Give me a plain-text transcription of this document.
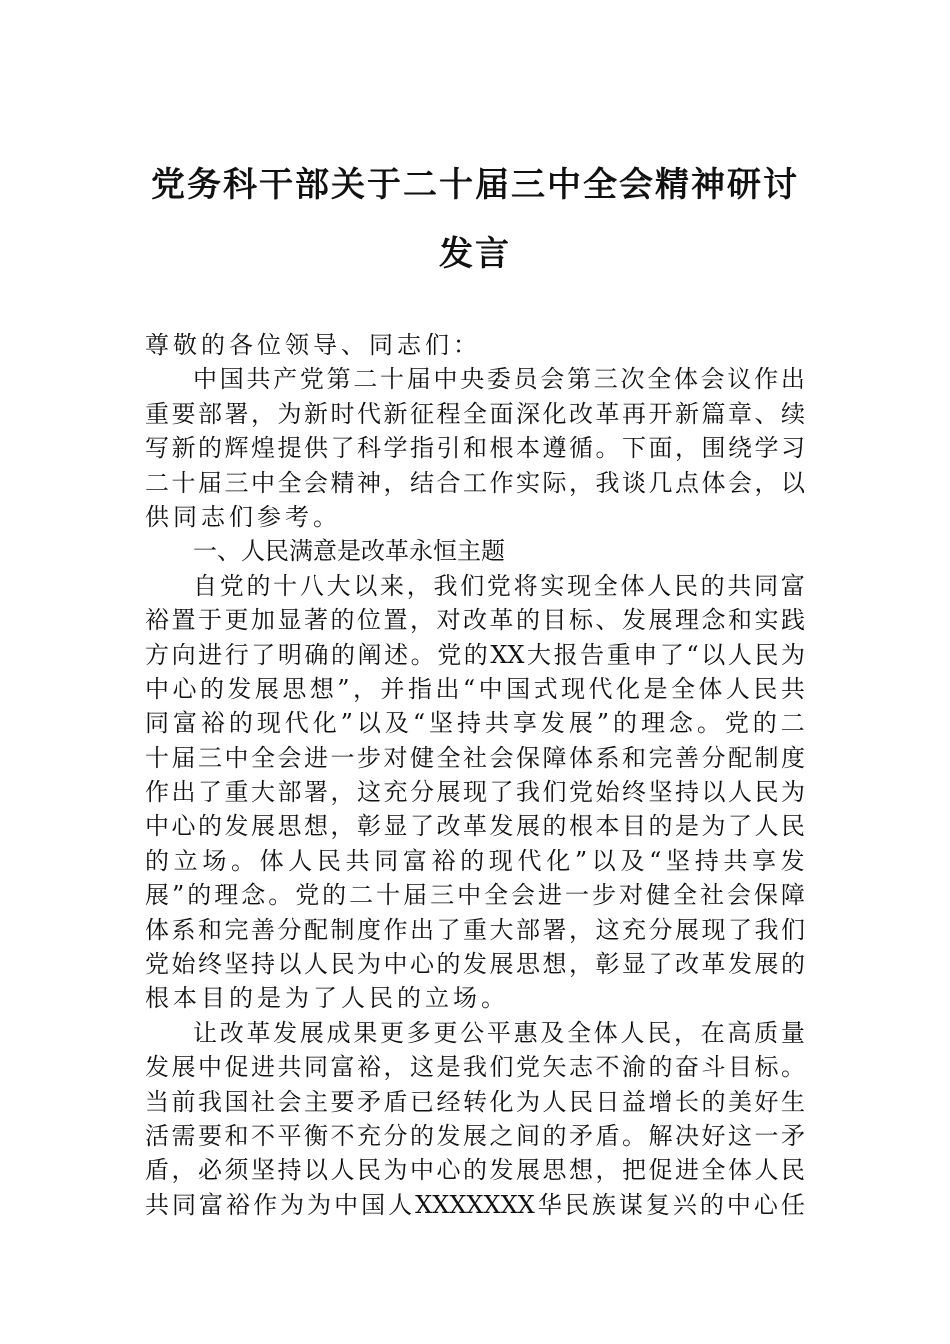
党务科干部关于二十届三中全会精神研讨
发言
尊 敬 的 各 位 领 导 、 同 志 们 ：
中 国 共 产 党 第 二 十 届 中 央 委 员 会 第 三 次 全 体 会 议 作 出
重 要 部 署 ， 为 新 时 代 新 征 程 全 面 深 化 改 革 再 开 新 篇 章 、 续
写 新 的 辉 煌 提 供 了 科 学 指 引 和 根 本 遵 循 。 下 面 ， 围 绕 学 习
二 十 届 三 中 全 会 精 神 ， 结 合 工 作 实 际 ， 我 谈 几 点 体 会 ， 以
供 同 志 们 参 考 。
一、人民满意是改革永恒主题
自 党 的 十 八 大 以 来 ， 我 们 党 将 实 现 全 体 人 民 的 共 同 富
裕 置 于 更 加 显 著 的 位 置 ， 对 改 革 的 目 标 、 发 展 理 念 和 实 践
方 向 进 行 了 明 确 的 阐 述 。 党 的 XX 大 报 告 重 申 了 “ 以 人 民 为
中 心 的 发 展 思 想 ” ， 并 指 出 “ 中 国 式 现 代 化 是 全 体 人 民 共
同 富 裕 的 现 代 化 ” 以 及 “ 坚 持 共 享 发 展 ” 的 理 念 。 党 的 二
十 届 三 中 全 会 进 一 步 对 健 全 社 会 保 障 体 系 和 完 善 分 配 制 度
作 出 了 重 大 部 署 ， 这 充 分 展 现 了 我 们 党 始 终 坚 持 以 人 民 为
中 心 的 发 展 思 想 ， 彰 显 了 改 革 发 展 的 根 本 目 的 是 为 了 人 民
的 立 场 。 体 人 民 共 同 富 裕 的 现 代 化 ” 以 及 “ 坚 持 共 享 发
展 ” 的 理 念 。 党 的 二 十 届 三 中 全 会 进 一 步 对 健 全 社 会 保 障
体 系 和 完 善 分 配 制 度 作 出 了 重 大 部 署 ， 这 充 分 展 现 了 我 们
党 始 终 坚 持 以 人 民 为 中 心 的 发 展 思 想 ， 彰 显 了 改 革 发 展 的
根 本 目 的 是 为 了 人 民 的 立 场 。
让 改 革 发 展 成 果 更 多 更 公 平 惠 及 全 体 人 民 ， 在 高 质 量
发 展 中 促 进 共 同 富 裕 ， 这 是 我 们 党 矢 志 不 渝 的 奋 斗 目 标 。
当 前 我 国 社 会 主 要 矛 盾 已 经 转 化 为 人 民 日 益 增 长 的 美 好 生
活 需 要 和 不 平 衡 不 充 分 的 发 展 之 间 的 矛 盾 。 解 决 好 这 一 矛
盾 ， 必 须 坚 持 以 人 民 为 中 心 的 发 展 思 想 ， 把 促 进 全 体 人 民
共 同 富 裕 作 为 为 中 国 人 XXXXXXX 华 民 族 谋 复 兴 的 中 心 任
